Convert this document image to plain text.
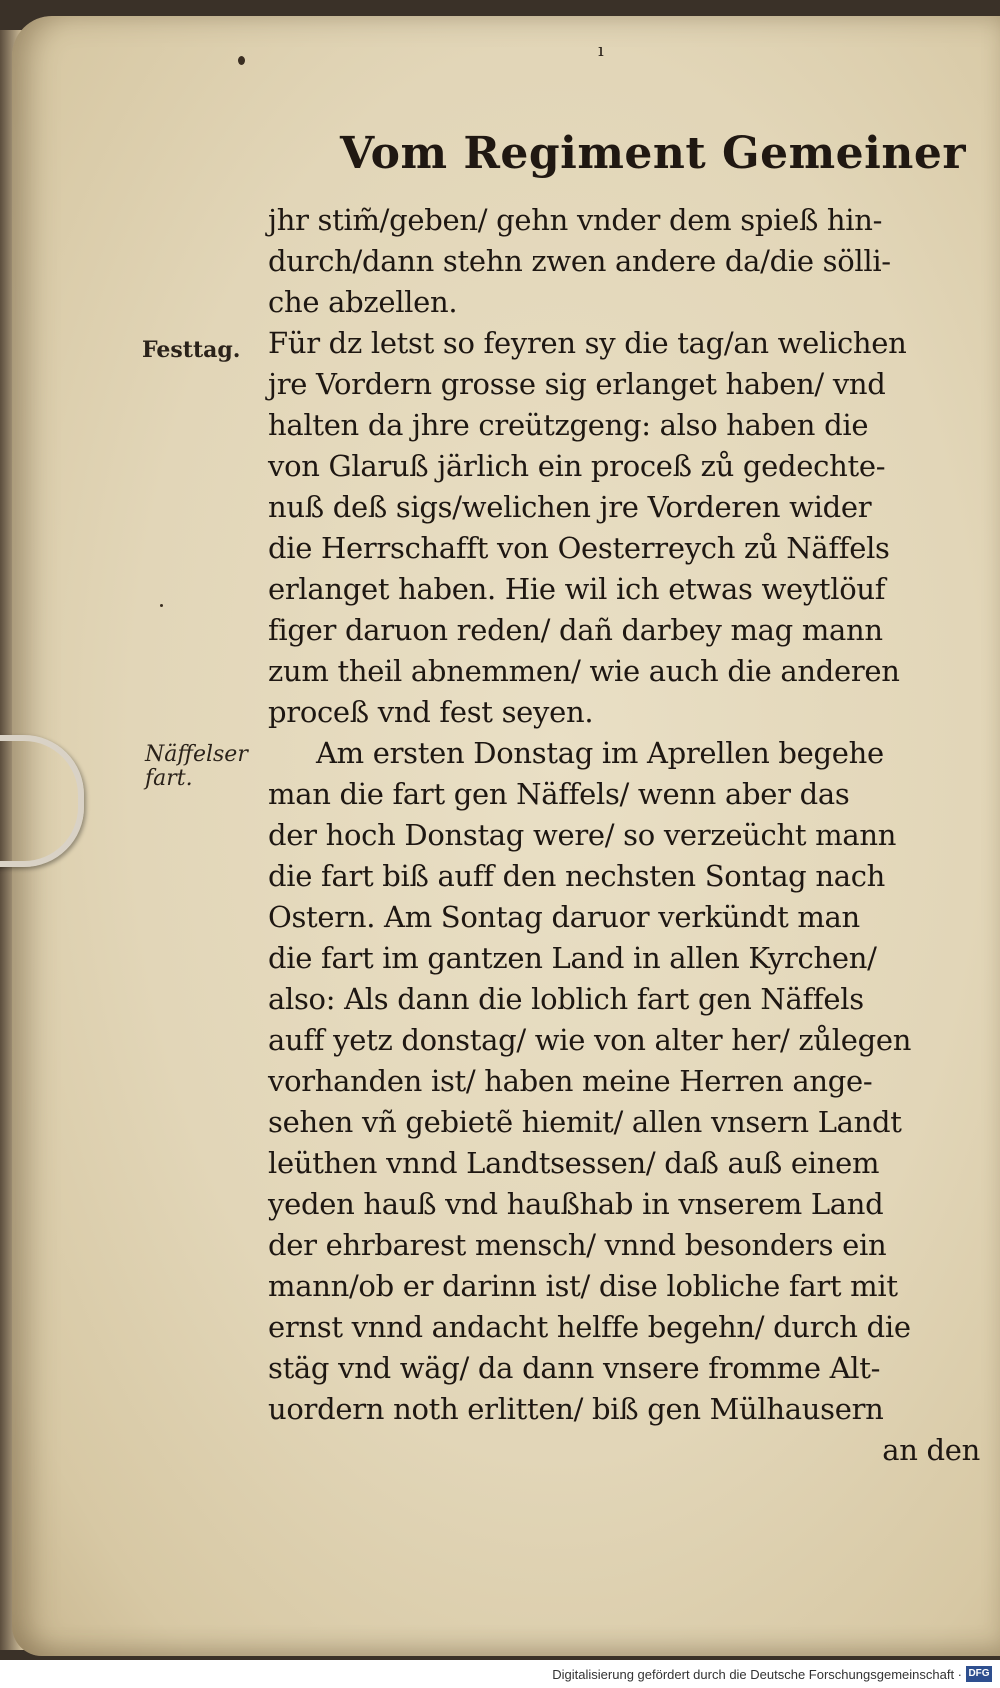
ı
Vom Regiment Gemeiner
Festtag.
Näffelser fart.
jhr stim̃/geben/ gehn vnder dem spieß hin-
durch/dann stehn zwen andere da/die sölli-
che abzellen.
Für dz letst so feyren sy die tag/an welichen
jre Vordern grosse sig erlanget haben/ vnd
halten da jhre creützgeng: also haben die
von Glaruß järlich ein proceß zů gedechte-
nuß deß sigs/welichen jre Vorderen wider
die Herrschafft von Oesterreych zů Näffels
erlanget haben. Hie wil ich etwas weytlöuf
figer daruon reden/ dañ darbey mag mann
zum theil abnemmen/ wie auch die anderen
proceß vnd fest seyen.
Am ersten Donstag im Aprellen begehe
man die fart gen Näffels/ wenn aber das
der hoch Donstag were/ so verzeücht mann
die fart biß auff den nechsten Sontag nach
Ostern. Am Sontag daruor verkündt man
die fart im gantzen Land in allen Kyrchen/
also: Als dann die loblich fart gen Näffels
auff yetz donstag/ wie von alter her/ zůlegen
vorhanden ist/ haben meine Herren ange-
sehen vñ gebietẽ hiemit/ allen vnsern Landt
leüthen vnnd Landtsessen/ daß auß einem
yeden hauß vnd haußhab in vnserem Land
der ehrbarest mensch/ vnnd besonders ein
mann/ob er darinn ist/ dise lobliche fart mit
ernst vnnd andacht helffe begehn/ durch die
stäg vnd wäg/ da dann vnsere fromme Alt-
uordern noth erlitten/ biß gen Mülhausern
an den
Digitalisierung gefördert durch die Deutsche Forschungsgemeinschaft · DFG
